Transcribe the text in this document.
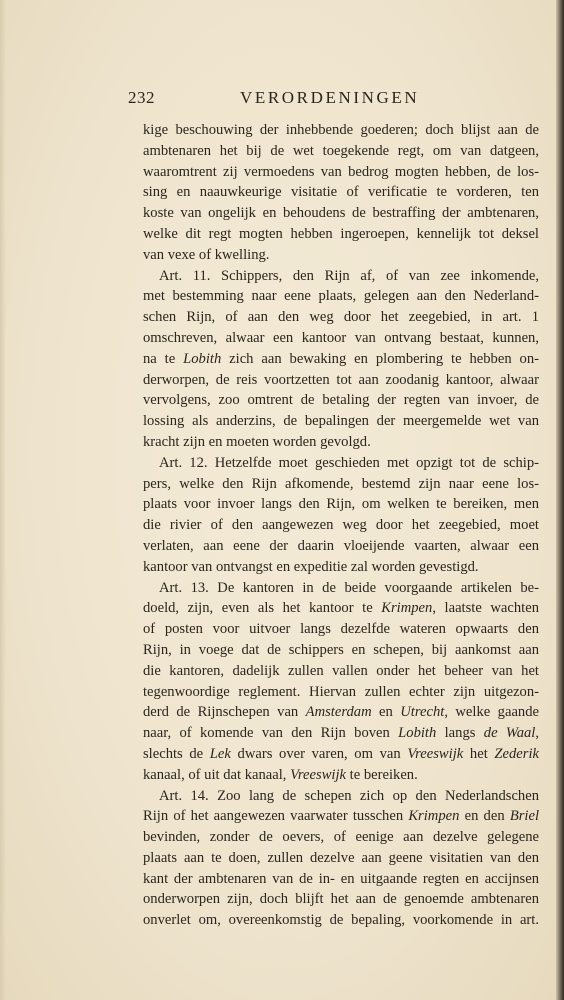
232	VERORDENINGEN
kige beschouwing der inhebbende goederen; doch blijst aan de
ambtenaren het bij de wet toegekende regt, om van datgeen,
waaromtrent zij vermoedens van bedrog mogten hebben, de los-
sing en naauwkeurige visitatie of verificatie te vorderen, ten
koste van ongelijk en behoudens de bestraffing der ambtenaren,
welke dit regt mogten hebben ingeroepen, kennelijk tot deksel
van vexe of kwelling.
Art. 11. Schippers, den Rijn af, of van zee inkomende,
met bestemming naar eene plaats, gelegen aan den Nederland-
schen Rijn, of aan den weg door het zeegebied, in art. 1
omschreven, alwaar een kantoor van ontvang bestaat, kunnen,
na te Lobith zich aan bewaking en plombering te hebben on-
derworpen, de reis voortzetten tot aan zoodanig kantoor, alwaar
vervolgens, zoo omtrent de betaling der regten van invoer, de
lossing als anderzins, de bepalingen der meergemelde wet van
kracht zijn en moeten worden gevolgd.
Art. 12. Hetzelfde moet geschieden met opzigt tot de schip-
pers, welke den Rijn afkomende, bestemd zijn naar eene los-
plaats voor invoer langs den Rijn, om welken te bereiken, men
die rivier of den aangewezen weg door het zeegebied, moet
verlaten, aan eene der daarin vloeijende vaarten, alwaar een
kantoor van ontvangst en expeditie zal worden gevestigd.
Art. 13. De kantoren in de beide voorgaande artikelen be-
doeld, zijn, even als het kantoor te Krimpen, laatste wachten
of posten voor uitvoer langs dezelfde wateren opwaarts den
Rijn, in voege dat de schippers en schepen, bij aankomst aan
die kantoren, dadelijk zullen vallen onder het beheer van het
tegenwoordige reglement. Hiervan zullen echter zijn uitgezon-
derd de Rijnschepen van Amsterdam en Utrecht, welke gaande
naar, of komende van den Rijn boven Lobith langs de Waal,
slechts de Lek dwars over varen, om van Vreeswijk het Zederik
kanaal, of uit dat kanaal, Vreeswijk te bereiken.
Art. 14. Zoo lang de schepen zich op den Nederlandschen
Rijn of het aangewezen vaarwater tusschen Krimpen en den Briel
bevinden, zonder de oevers, of eenige aan dezelve gelegene
plaats aan te doen, zullen dezelve aan geene visitatien van den
kant der ambtenaren van de in- en uitgaande regten en accijnsen
onderworpen zijn, doch blijft het aan de genoemde ambtenaren
onverlet om, overeenkomstig de bepaling, voorkomende in art.
